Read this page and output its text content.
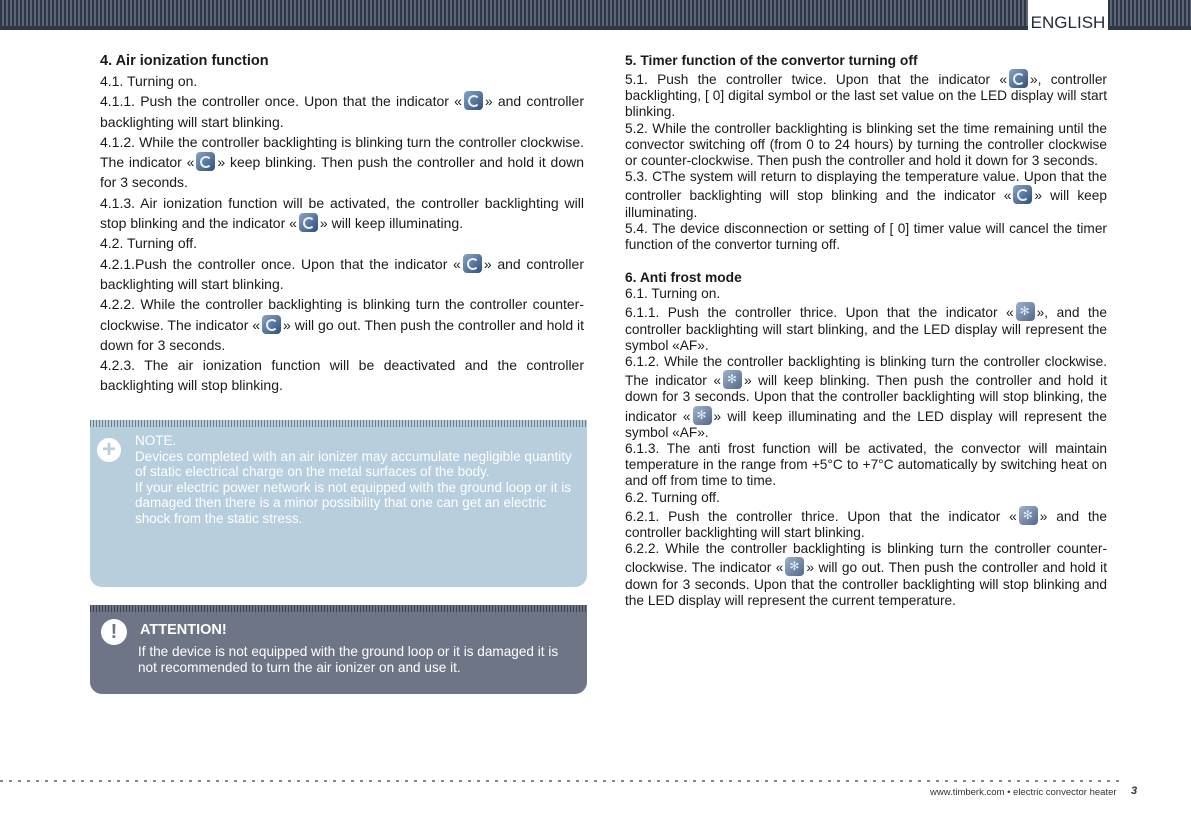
ENGLISH
4. Air ionization function

4.1. Turning on.

4.1.1. Push the controller once. Upon that the indicator « » and controller backlighting will start blinking.

4.1.2. While the controller backlighting is blinking turn the controller clockwise. The indicator « » keep blinking. Then push the controller and hold it down for 3 seconds.

4.1.3. Air ionization function will be activated, the controller backlighting will stop blinking and the indicator « » will keep illuminating.

4.2. Turning off.

4.2.1.Push the controller once. Upon that the indicator « » and controller backlighting will start blinking.

4.2.2. While the controller backlighting is blinking turn the controller counter-clockwise. The indicator « » will go out. Then push the controller and hold it down for 3 seconds.

4.2.3. The air ionization function will be deactivated and the controller backlighting will stop blinking.

+	NOTE.
Devices completed with an air ionizer may accumulate negligible quantity of static electrical charge on the metal surfaces of the body.
If your electric power network is not equipped with the ground loop or it is damaged then there is a minor possibility that one can get an electric shock from the static stress.
!	ATTENTION!
If the device is not equipped with the ground loop or it is damaged it is not recommended to turn the air ionizer on and use it.
5. Timer function of the convertor turning off

5.1. Push the controller twice. Upon that the indicator « », controller backlighting, [ 0] digital symbol or the last set value on the LED display will start blinking.

5.2. While the controller backlighting is blinking set the time remaining until the convector switching off (from 0 to 24 hours) by turning the controller clockwise or counter-clockwise. Then push the controller and hold it down for 3 seconds.

5.3. CThe system will return to displaying the temperature value. Upon that the controller backlighting will stop blinking and the indicator « » will keep illuminating.

5.4. The device disconnection or setting of [ 0] timer value will cancel the timer function of the convertor turning off.

6. Anti frost mode

6.1. Turning on.

6.1.1. Push the controller thrice. Upon that the indicator « ✻ », and the controller backlighting will start blinking, and the LED display will represent the symbol «AF».

6.1.2. While the controller backlighting is blinking turn the controller clockwise. The indicator « ✻ » will keep blinking. Then push the controller and hold it down for 3 seconds. Upon that the controller backlighting will stop blinking, the indicator « ✻ » will keep illuminating and the LED display will represent the symbol «AF».

6.1.3. The anti frost function will be activated, the convector will maintain temperature in the range from +5°C to +7°C automatically by switching heat on and off from time to time.

6.2. Turning off.

6.2.1. Push the controller thrice. Upon that the indicator « ✻ » and the controller backlighting will start blinking.

6.2.2. While the controller backlighting is blinking turn the controller counter-clockwise. The indicator « ✻ » will go out. Then push the controller and hold it down for 3 seconds. Upon that the controller backlighting will stop blinking and the LED display will represent the current temperature.

www.timberk.com • electric convector heater 3
